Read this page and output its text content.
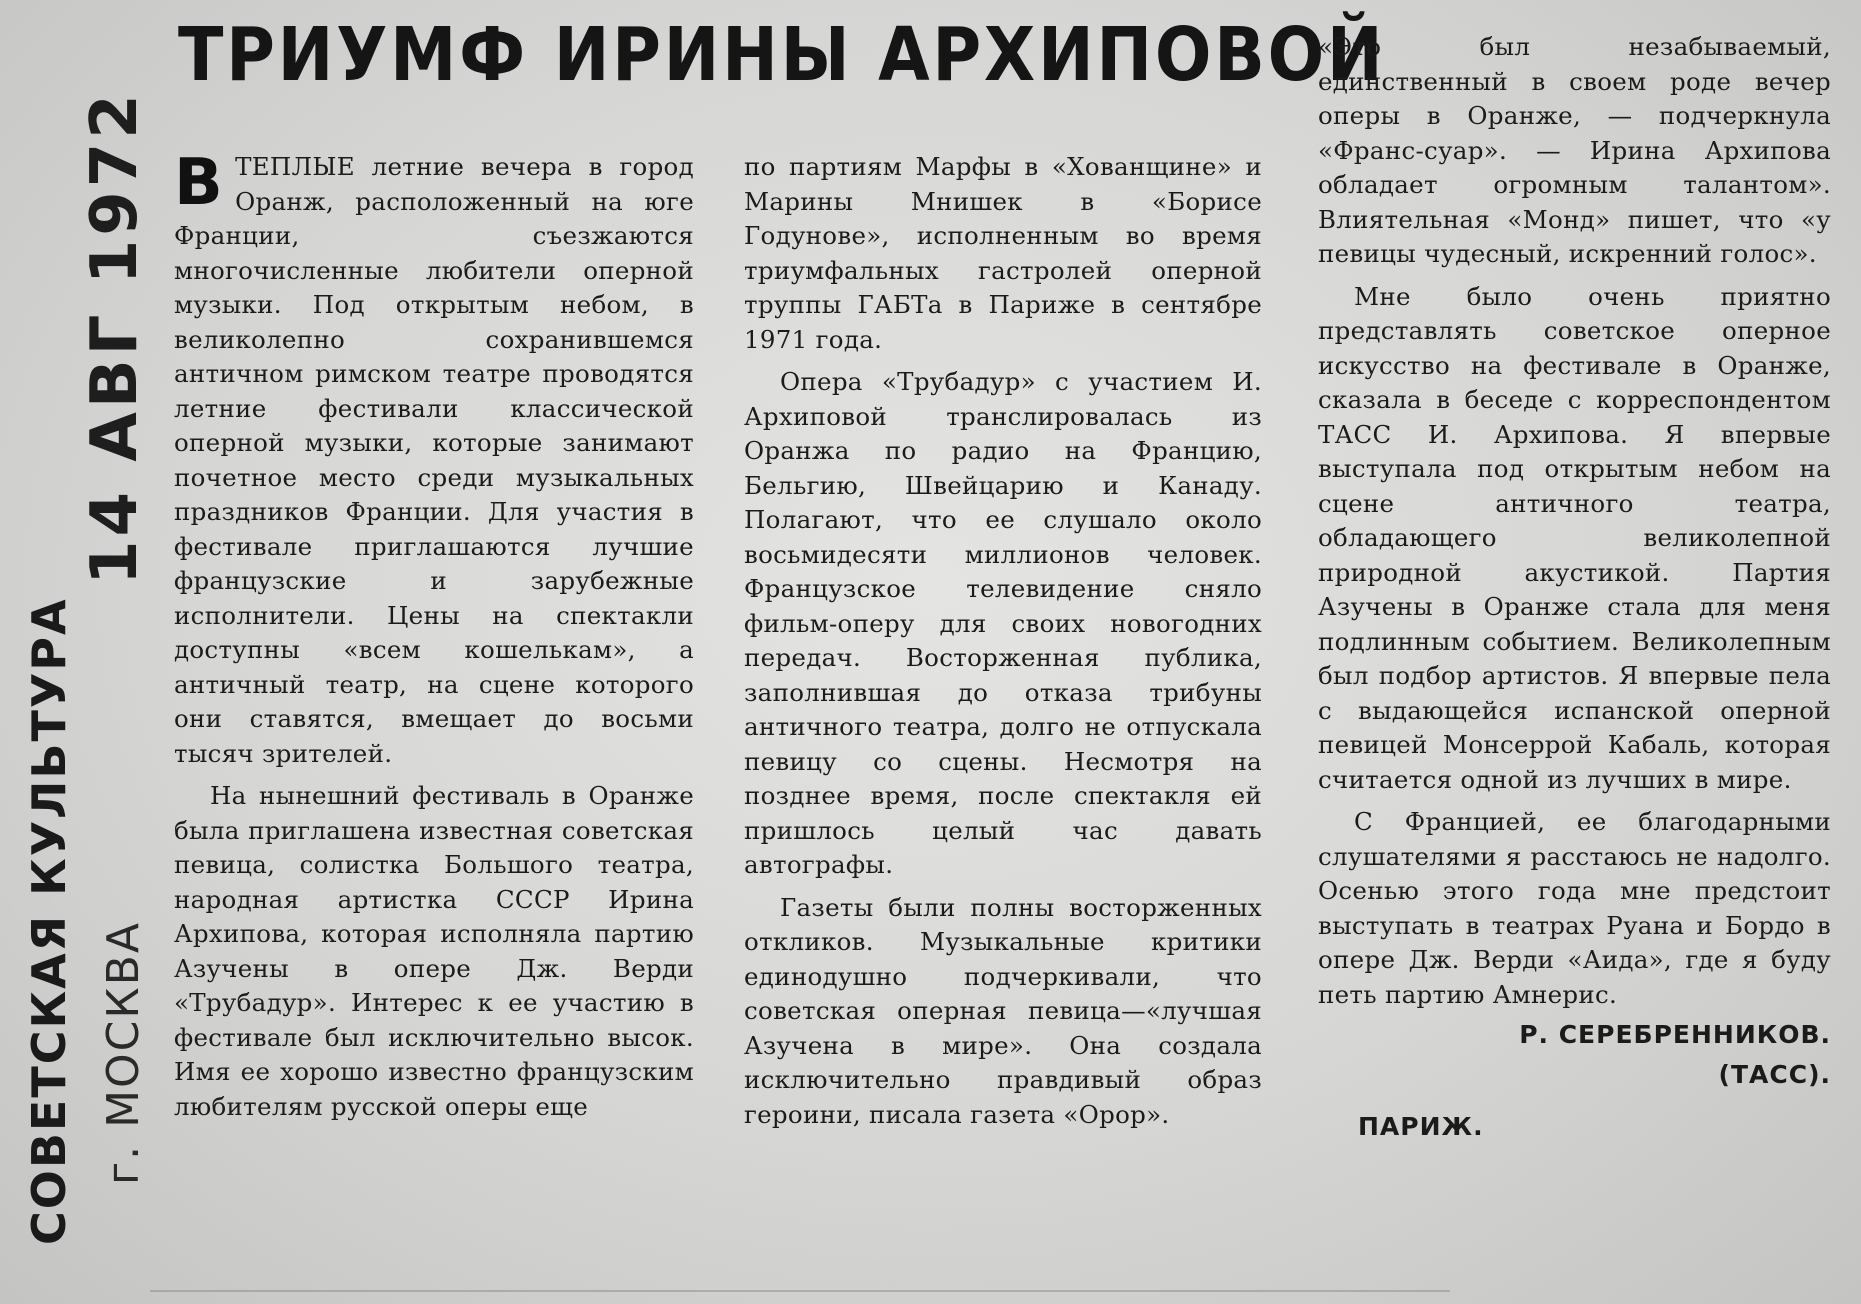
СОВЕТСКАЯ КУЛЬТУРА г. МОСКВА
14 АВГ 1972
ТРИУМФ ИРИНЫ АРХИПОВОЙ
В ТЕПЛЫЕ летние вечера в город Оранж, расположенный на юге Франции, съезжаются многочисленные любители оперной музыки. Под открытым небом, в великолепно сохранившемся античном римском театре проводятся летние фестивали классической оперной музыки, которые занимают почетное место среди музыкальных праздников Франции. Для участия в фестивале приглашаются лучшие французские и зарубежные исполнители. Цены на спектакли доступны «всем кошелькам», а античный театр, на сцене которого они ставятся, вмещает до восьми тысяч зрителей.

На нынешний фестиваль в Оранже была приглашена известная советская певица, солистка Большого театра, народная артистка СССР Ирина Архипова, которая исполняла партию Азучены в опере Дж. Верди «Трубадур». Интерес к ее участию в фестивале был исключительно высок. Имя ее хорошо известно французским любителям русской оперы еще

по партиям Марфы в «Хованщине» и Марины Мнишек в «Борисе Годунове», исполненным во время триумфальных гастролей оперной труппы ГАБТа в Париже в сентябре 1971 года.

Опера «Трубадур» с участием И. Архиповой транслировалась из Оранжа по радио на Францию, Бельгию, Швейцарию и Канаду. Полагают, что ее слушало около восьмидесяти миллионов человек. Французское телевидение сняло фильм-оперу для своих новогодних передач. Восторженная публика, заполнившая до отказа трибуны античного театра, долго не отпускала певицу со сцены. Несмотря на позднее время, после спектакля ей пришлось целый час давать автографы.

Газеты были полны восторженных откликов. Музыкальные критики единодушно подчеркивали, что советская оперная певица—«лучшая Азучена в мире». Она создала исключительно правдивый образ героини, писала газета «Орор».

«Это был незабываемый, единственный в своем роде вечер оперы в Оранже, — подчеркнула «Франс-суар». — Ирина Архипова обладает огромным талантом». Влиятельная «Монд» пишет, что «у певицы чудесный, искренний голос».

Мне было очень приятно представлять советское оперное искусство на фестивале в Оранже, сказала в беседе с корреспондентом ТАСС И. Архипова. Я впервые выступала под открытым небом на сцене античного театра, обладающего великолепной природной акустикой. Партия Азучены в Оранже стала для меня подлинным событием. Великолепным был подбор артистов. Я впервые пела с выдающейся испанской оперной певицей Монсеррой Кабаль, которая считается одной из лучших в мире.

С Францией, ее благодарными слушателями я расстаюсь не надолго. Осенью этого года мне предстоит выступать в театрах Руана и Бордо в опере Дж. Верди «Аида», где я буду петь партию Амнерис.

Р. СЕРЕБРЕННИКОВ.
(ТАСС).
ПАРИЖ.
